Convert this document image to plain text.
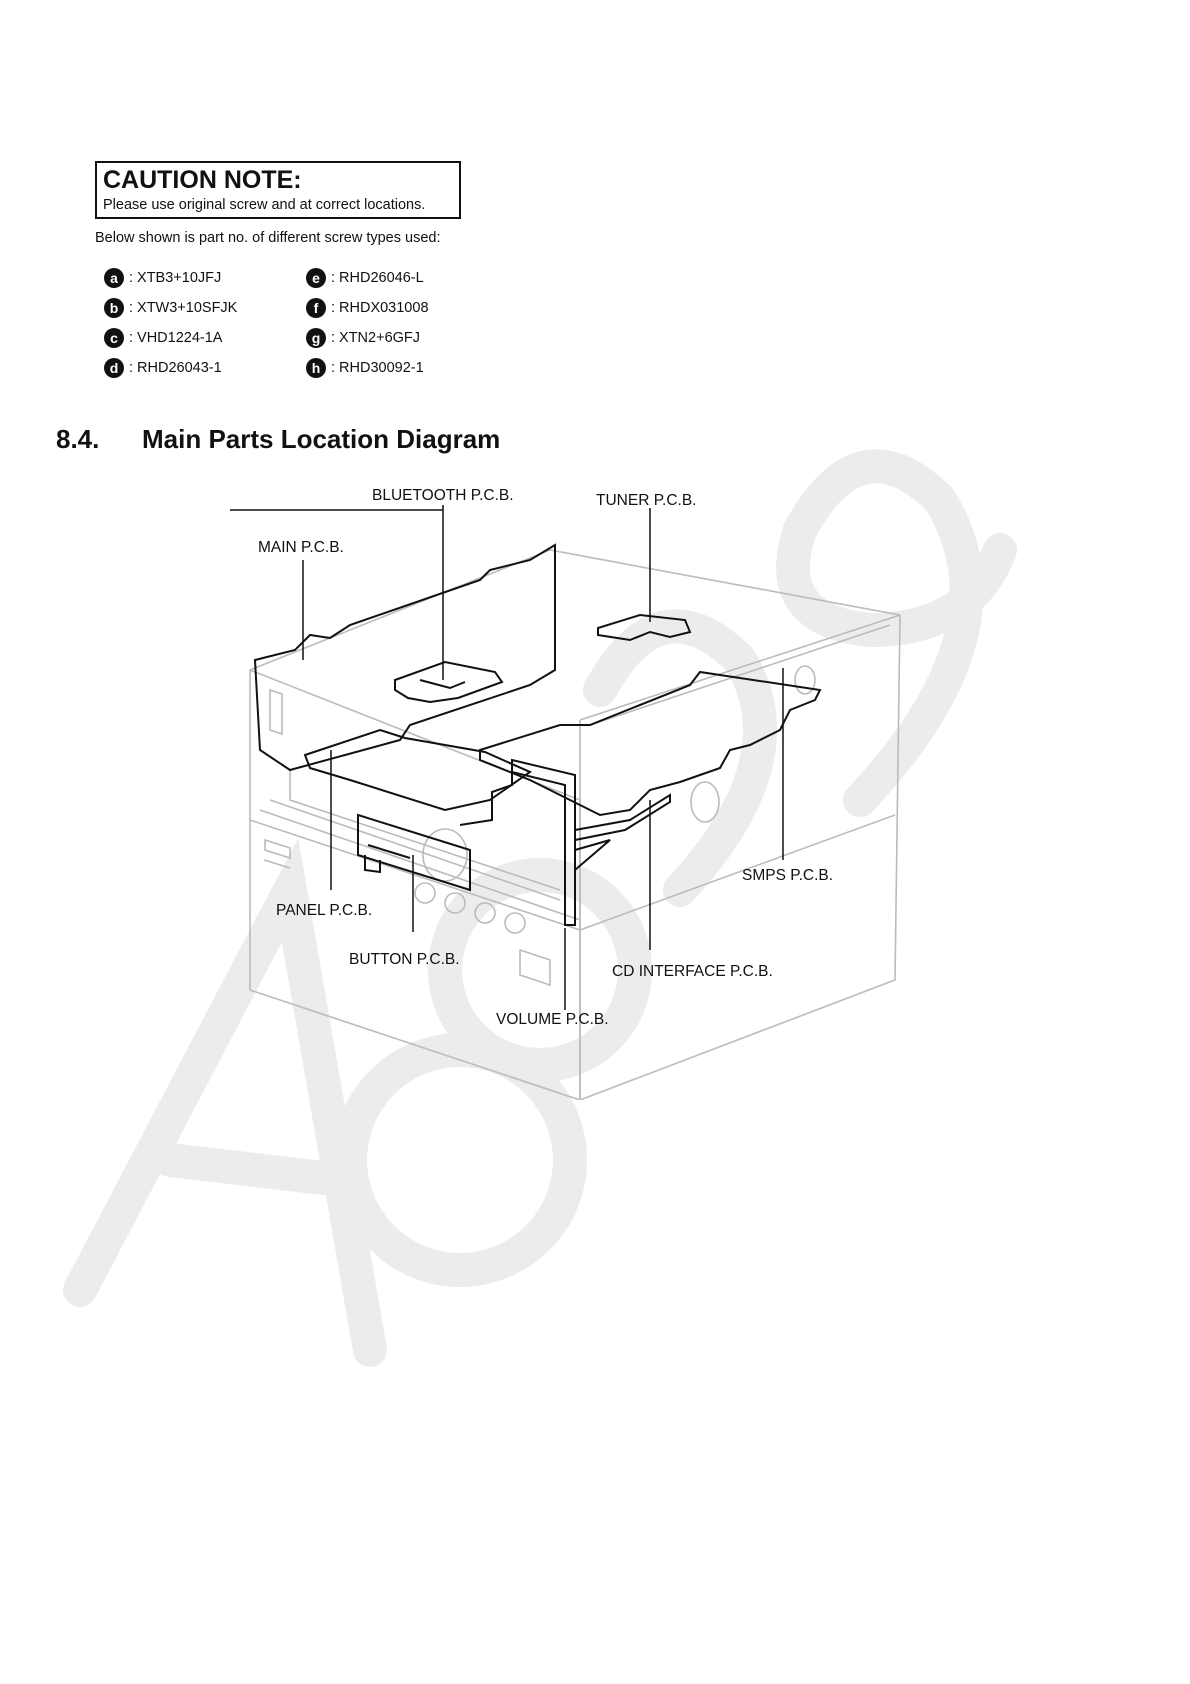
CAUTION NOTE:
Please use original screw and at correct locations.
Below shown is part no. of different screw types used:
a : XTB3+10JFJ
b : XTW3+10SFJK
c : VHD1224-1A
d : RHD26043-1
e : RHD26046-L
f : RHDX031008
g : XTN2+6GFJ
h : RHD30092-1
8.4. Main Parts Location Diagram
BLUETOOTH P.C.B.	TUNER P.C.B.
MAIN P.C.B.
SMPS P.C.B.
PANEL P.C.B.
BUTTON P.C.B.
CD INTERFACE P.C.B.
VOLUME P.C.B.
